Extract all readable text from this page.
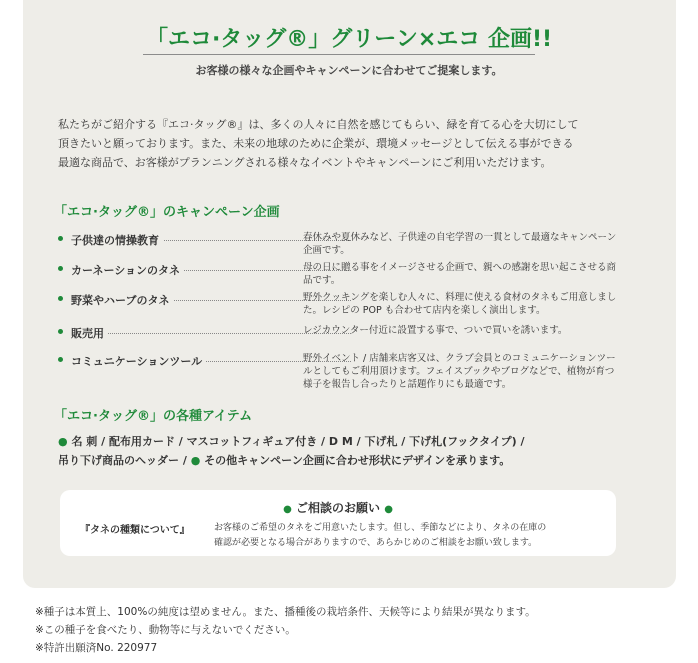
「エコ·タッグ®」グリーン×エコ 企画!!
お客様の様々な企画やキャンペーンに合わせてご提案します。

私たちがご紹介する『エコ·タッグ®』は、多くの人々に自然を感じてもらい、緑を育てる心を大切にして

頂きたいと願っております。また、未来の地球のために企業が、環境メッセージとして伝える事ができる

最適な商品で、お客様がプランニングされる様々なイベントやキャンペーンにご利用いただけます。

「エコ·タッグ®」のキャンペーン企画
子供達の情操教育	春休みや夏休みなど、子供達の自宅学習の一貫として最適なキャンペーン企画です。
カーネーションのタネ	母の日に贈る事をイメージさせる企画で、親への感謝を思い起こさせる商品です。
野菜やハーブのタネ	野外クッキングを楽しむ人々に、料理に使える食材のタネもご用意しました。レシピの POP も合わせて店内を楽しく演出します。
販売用	レジカウンター付近に設置する事で、ついで買いを誘います。
コミュニケーションツール	野外イベント / 店舗来店客又は、クラブ会員とのコミュニケーションツールとしてもご利用頂けます。フェイスブックやブログなどで、植物が育つ様子を報告し合ったりと話題作りにも最適です。
「エコ·タッグ®」の各種アイテム
● 名 刺 / 配布用カード / マスコットフィギュア付き / D M / 下げ札 / 下げ札(フックタイプ) /
吊り下げ商品のヘッダー / ● その他キャンペーン企画に合わせ形状にデザインを承ります。
● ご相談のお願い ●
『タネの種類について』	お客様のご希望のタネをご用意いたします。但し、季節などにより、タネの在庫の

確認が必要となる場合がありますので、あらかじめのご相談をお願い致します。

※種子は本質上、100%の純度は望めません。また、播種後の栽培条件、天候等により結果が異なります。

※この種子を食べたり、動物等に与えないでください。

※特許出願済No. 220977
